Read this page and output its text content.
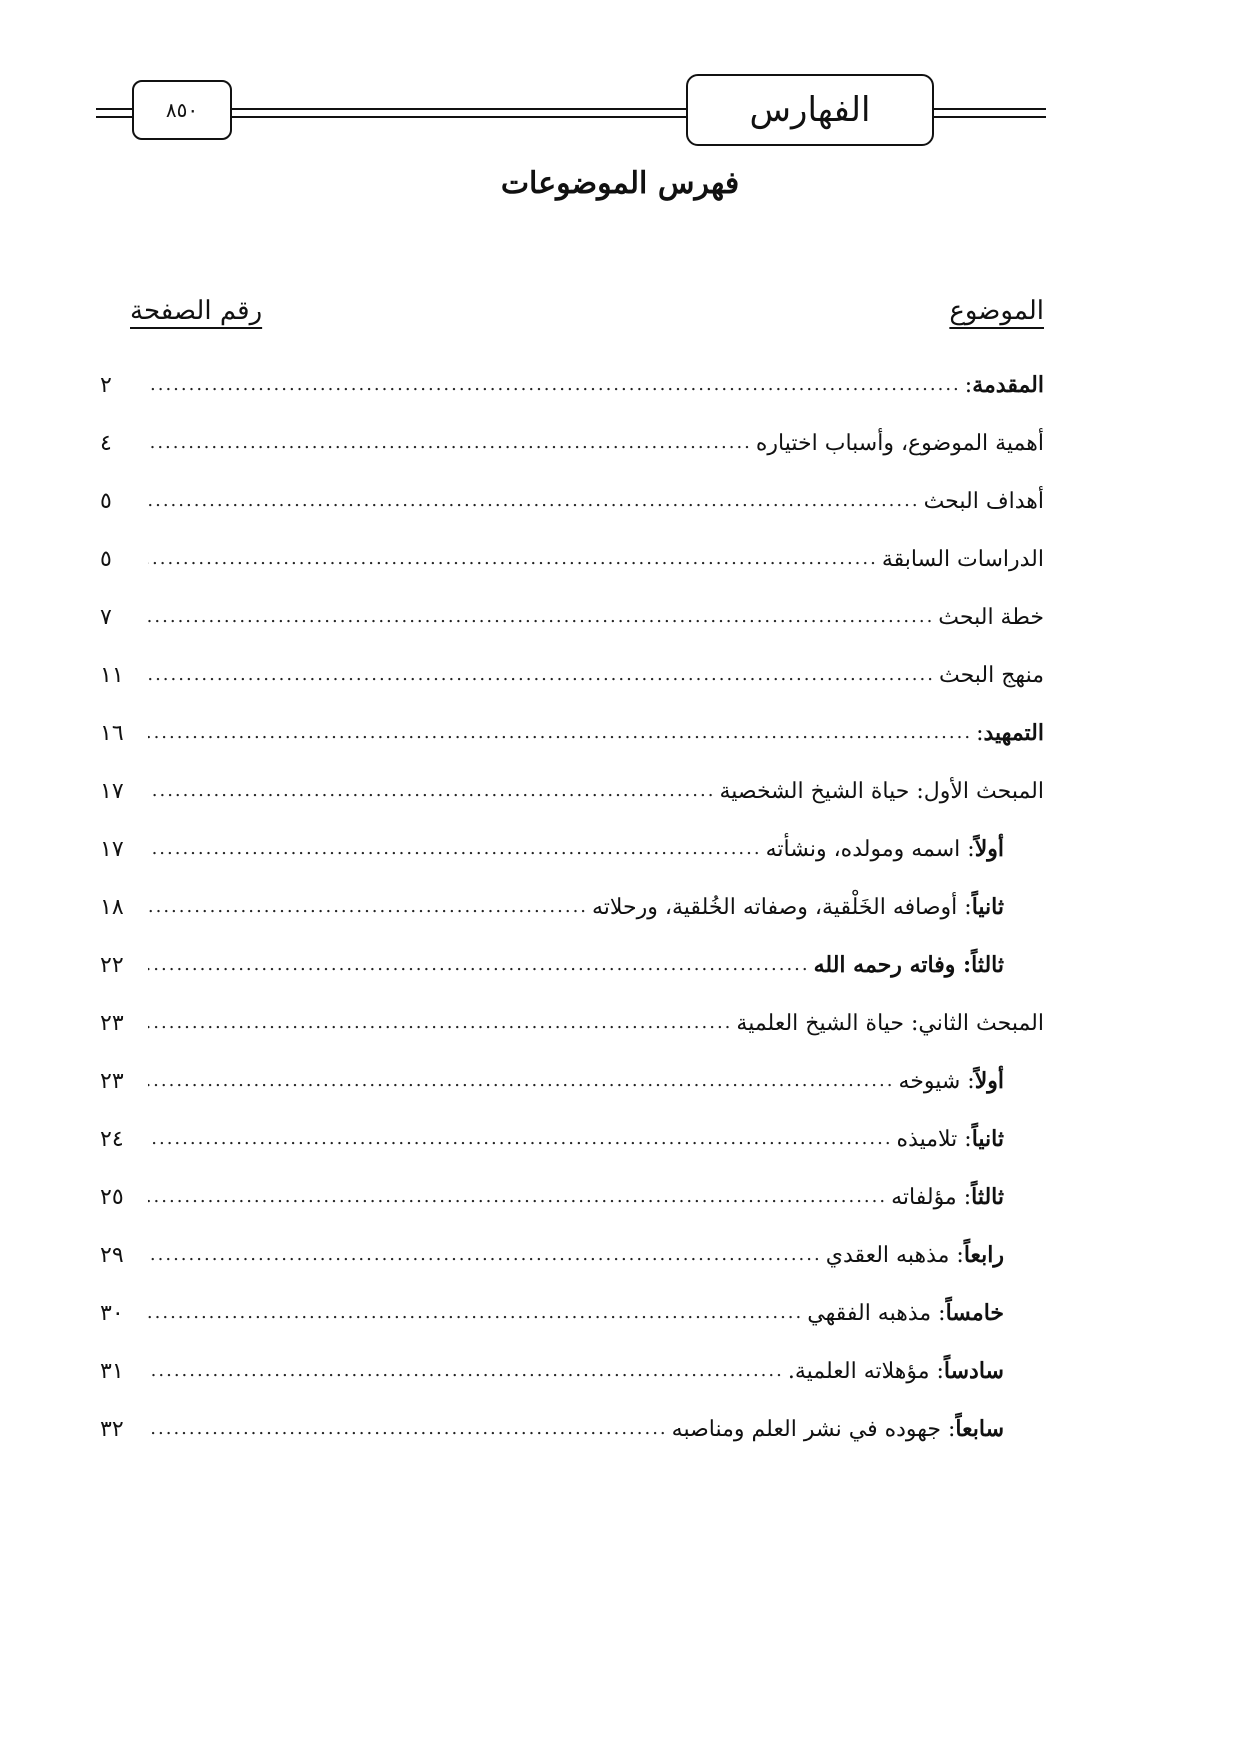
الفهارس
٨٥٠
فهرس الموضوعات
الموضوع
رقم الصفحة
المقدمة:
.....
٢
أهمية الموضوع، وأسباب اختياره
.....
٤
أهداف البحث
.....
٥
الدراسات السابقة
.....
٥
خطة البحث
.....
٧
منهج البحث
.....
١١
التمهيد:
.....
١٦
المبحث الأول: حياة الشيخ الشخصية
.....
١٧
أولاً: اسمه ومولده، ونشأته
.....
١٧
ثانياً: أوصافه الخَلْقية، وصفاته الخُلقية، ورحلاته
.....
١٨
ثالثاً: وفاته رحمه الله
.....
٢٢
المبحث الثاني: حياة الشيخ العلمية
.....
٢٣
أولاً: شيوخه
.....
٢٣
ثانياً: تلاميذه
.....
٢٤
ثالثاً: مؤلفاته
.....
٢٥
رابعاً: مذهبه العقدي
.....
٢٩
خامساً: مذهبه الفقهي
.....
٣٠
سادساً: مؤهلاته العلمية.
.....
٣١
سابعاً: جهوده في نشر العلم ومناصبه
.....
٣٢
